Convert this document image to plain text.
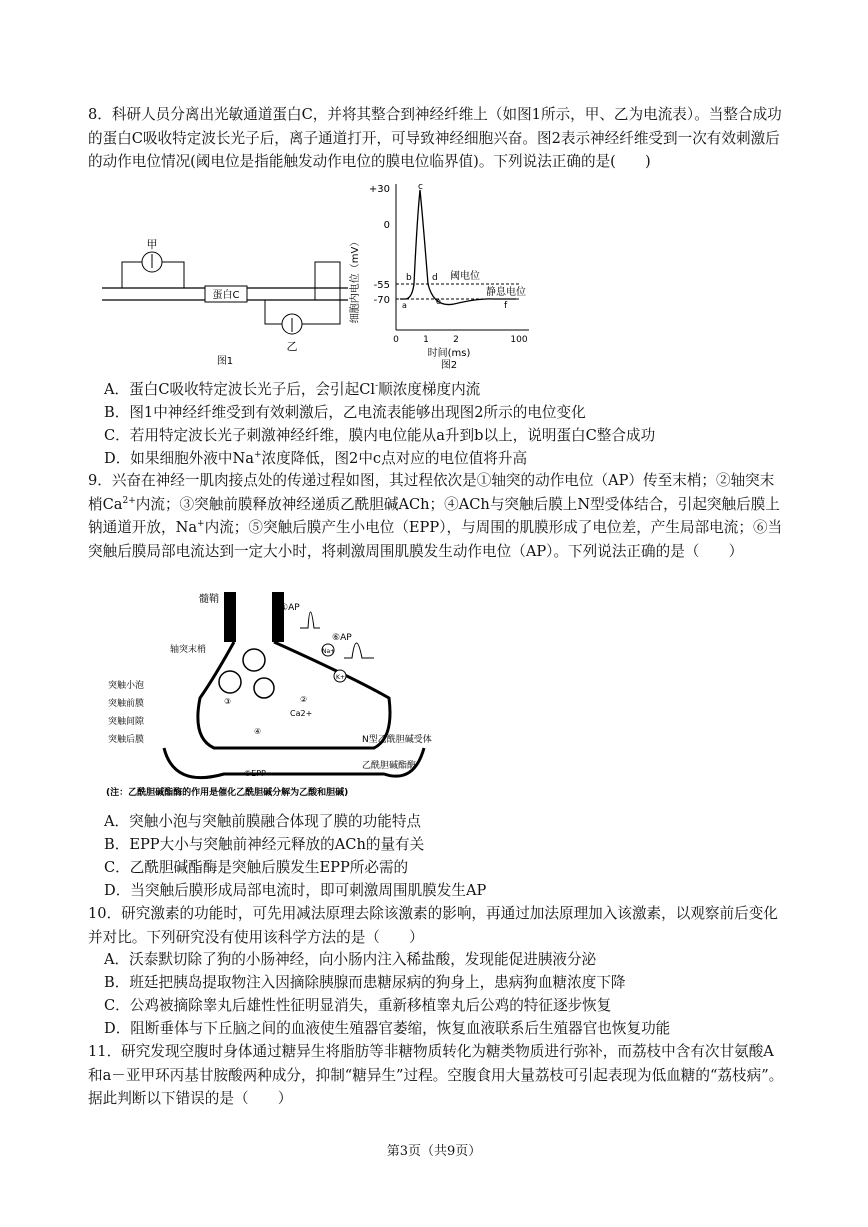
8．科研人员分离出光敏通道蛋白C，并将其整合到神经纤维上（如图1所示，甲、乙为电流表）。当整合成功的蛋白C吸收特定波长光子后，离子通道打开，可导致神经细胞兴奋。图2表示神经纤维受到一次有效刺激后的动作电位情况(阈电位是指能触发动作电位的膜电位临界值)。下列说法正确的是(　　)

蛋白C
甲
乙
图1
细胞内电位（mV）
+30
0
-55
-70 a
b
c
d
e	f
阈电位
静息电位
0	1	2	100
时间(ms)
图2
A．蛋白C吸收特定波长光子后，会引起Cl-顺浓度梯度内流
B．图1中神经纤维受到有效刺激后，乙电流表能够出现图2所示的电位变化
C．若用特定波长光子刺激神经纤维，膜内电位能从a升到b以上，说明蛋白C整合成功
D．如果细胞外液中Na+浓度降低，图2中c点对应的电位值将升高

9．兴奋在神经一肌肉接点处的传递过程如图，其过程依次是①轴突的动作电位（AP）传至末梢；②轴突末梢$Ca^{2+}$内流；③突触前膜释放神经递质乙酰胆碱ACh；④ACh与突触后膜上N型受体结合，引起突触后膜上钠通道开放，Na+内流；⑤突触后膜产生小电位（EPP），与周围的肌膜形成了电位差，产生局部电流；⑥当突触后膜局部电流达到一定大小时，将刺激周围肌膜发生动作电位（AP）。下列说法正确的是（　　）

髓鞘
①AP
轴突末梢
突触小泡
突触前膜
突触间隙
突触后膜
⑥AP
Na+
K+
②
Ca2+
③
④
⑤EPP
N型乙酰胆碱受体
乙酰胆碱酯酶
(注：乙酰胆碱酯酶的作用是催化乙酰胆碱分解为乙酸和胆碱)
A．突触小泡与突触前膜融合体现了膜的功能特点
B．EPP大小与突触前神经元释放的ACh的量有关
C．乙酰胆碱酯酶是突触后膜发生EPP所必需的
D．当突触后膜形成局部电流时，即可刺激周围肌膜发生AP

10．研究激素的功能时，可先用减法原理去除该激素的影响，再通过加法原理加入该激素，以观察前后变化并对比。下列研究没有使用该科学方法的是（　　）

A．沃泰默切除了狗的小肠神经，向小肠内注入稀盐酸，发现能促进胰液分泌
B．班廷把胰岛提取物注入因摘除胰腺而患糖尿病的狗身上，患病狗血糖浓度下降
C．公鸡被摘除睾丸后雄性性征明显消失，重新移植睾丸后公鸡的特征逐步恢复
D．阻断垂体与下丘脑之间的血液使生殖器官萎缩，恢复血液联系后生殖器官也恢复功能

11．研究发现空腹时身体通过糖异生将脂肪等非糖物质转化为糖类物质进行弥补，而荔枝中含有次甘氨酸A和a－亚甲环丙基甘胺酸两种成分，抑制“糖异生”过程。空腹食用大量荔枝可引起表现为低血糖的“荔枝病”。据此判断以下错误的是（　　）

第3页（共9页）
